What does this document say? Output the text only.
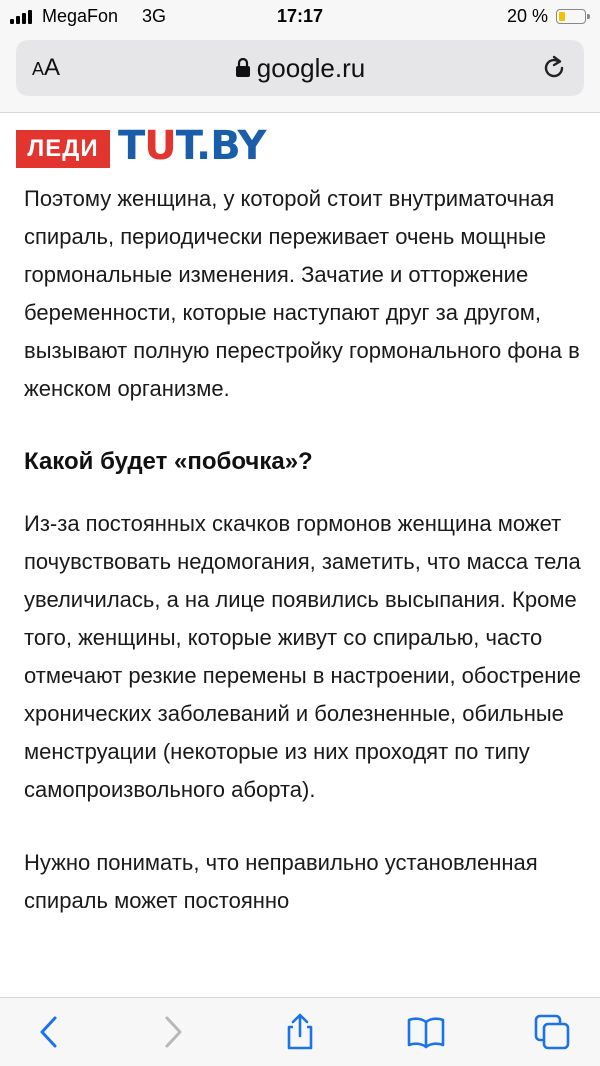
MegaFon 3G	17:17	20 %
AA	google.ru
ЛЕДИ TUT.BY

Поэтому женщина, у которой стоит внутриматочная спираль, периодически переживает очень мощные гормональные изменения. Зачатие и отторжение беременности, которые наступают друг за другом, вызывают полную перестройку гормонального фона в женском организме.

Какой будет «побочка»?

Из-за постоянных скачков гормонов женщина может почувствовать недомогания, заметить, что масса тела увеличилась, а на лице появились высыпания. Кроме того, женщины, которые живут со спиралью, часто отмечают резкие перемены в настроении, обострение хронических заболеваний и болезненные, обильные менструации (некоторые из них проходят по типу самопроизвольного аборта).

Нужно понимать, что неправильно установленная спираль может постоянно
